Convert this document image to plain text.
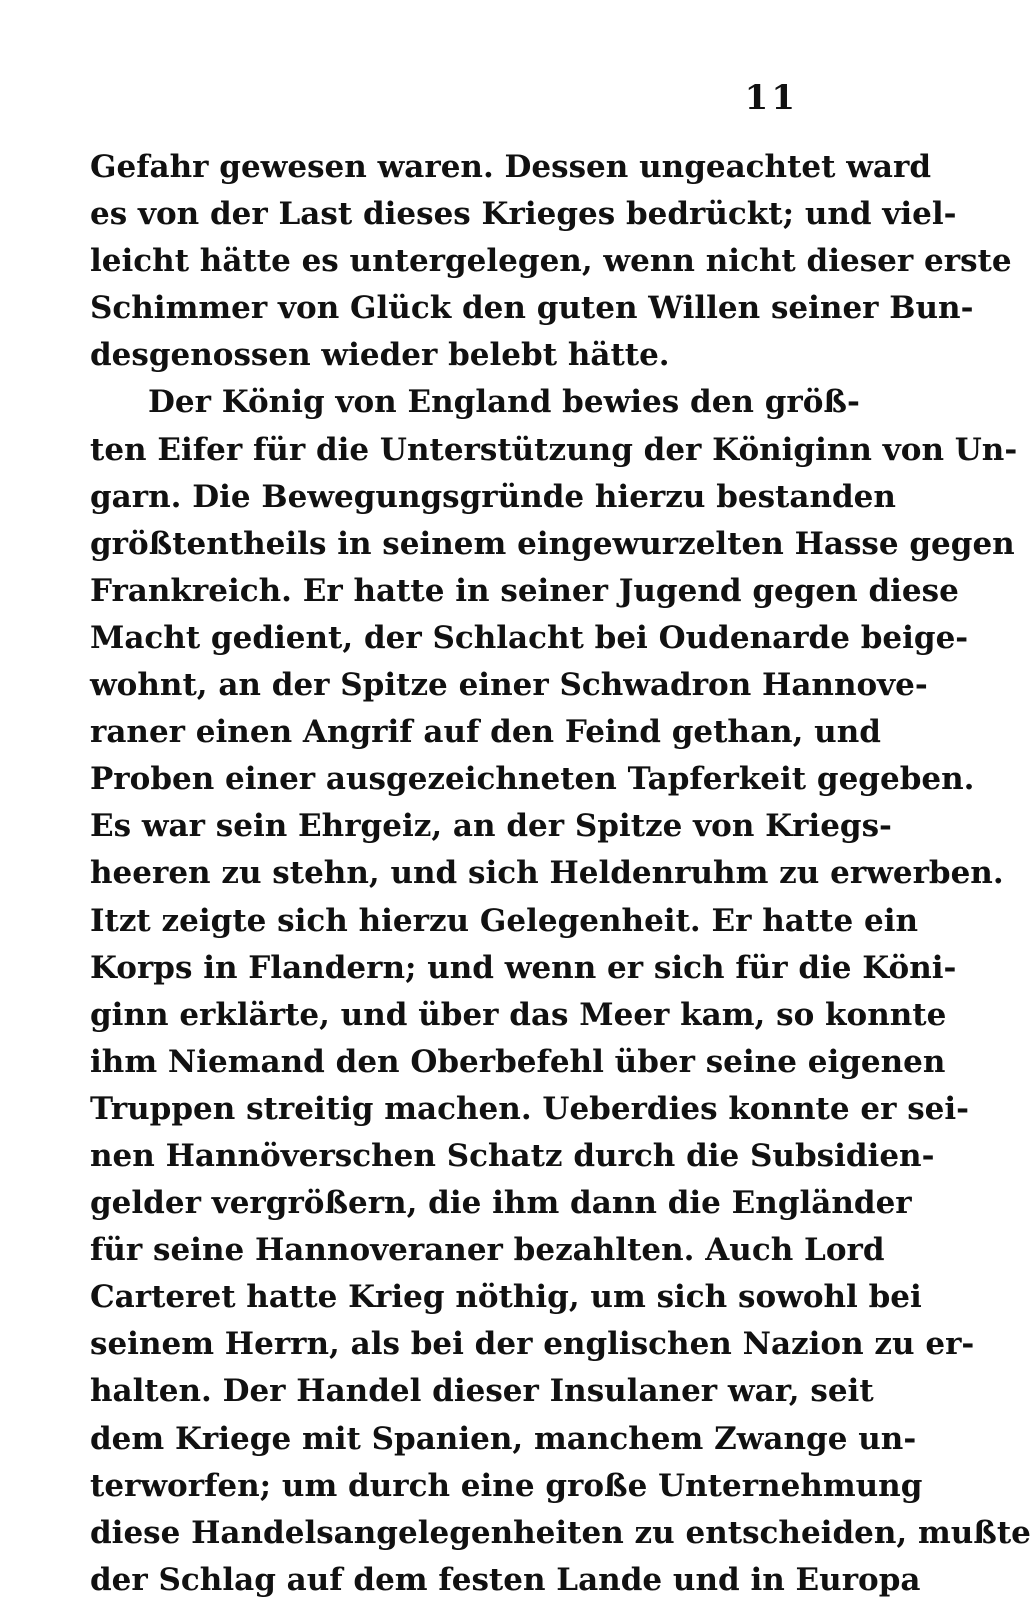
11
Gefahr gewesen waren. Dessen ungeachtet ward
es von der Last dieses Krieges bedrückt; und viel-
leicht hätte es untergelegen, wenn nicht dieser erste
Schimmer von Glück den guten Willen seiner Bun-
desgenossen wieder belebt hätte.
Der König von England bewies den größ-
ten Eifer für die Unterstützung der Königinn von Un-
garn. Die Bewegungsgründe hierzu bestanden
größtentheils in seinem eingewurzelten Hasse gegen
Frankreich. Er hatte in seiner Jugend gegen diese
Macht gedient, der Schlacht bei Oudenarde beige-
wohnt, an der Spitze einer Schwadron Hannove-
raner einen Angrif auf den Feind gethan, und
Proben einer ausgezeichneten Tapferkeit gegeben.
Es war sein Ehrgeiz, an der Spitze von Kriegs-
heeren zu stehn, und sich Heldenruhm zu erwerben.
Itzt zeigte sich hierzu Gelegenheit. Er hatte ein
Korps in Flandern; und wenn er sich für die Köni-
ginn erklärte, und über das Meer kam, so konnte
ihm Niemand den Oberbefehl über seine eigenen
Truppen streitig machen. Ueberdies konnte er sei-
nen Hannöverschen Schatz durch die Subsidien-
gelder vergrößern, die ihm dann die Engländer
für seine Hannoveraner bezahlten. Auch Lord
Carteret hatte Krieg nöthig, um sich sowohl bei
seinem Herrn, als bei der englischen Nazion zu er-
halten. Der Handel dieser Insulaner war, seit
dem Kriege mit Spanien, manchem Zwange un-
terworfen; um durch eine große Unternehmung
diese Handelsangelegenheiten zu entscheiden, mußte
der Schlag auf dem festen Lande und in Europa
